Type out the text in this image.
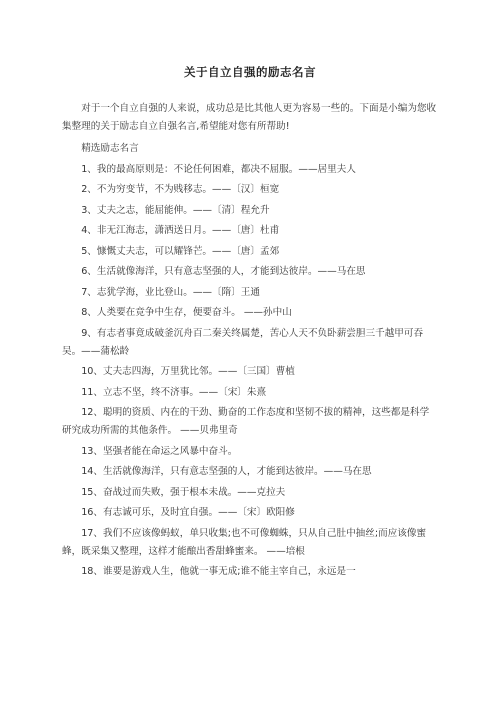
关于自立自强的励志名言

对于一个自立自强的人来说，成功总是比其他人更为容易一些的。下面是小编为您收集整理的关于励志自立自强名言,希望能对您有所帮助!

精选励志名言

1、我的最高原则是：不论任何困难，都决不屈服。——居里夫人

2、不为穷变节，不为贱移志。——〔汉〕桓宽

3、丈夫之志，能屈能伸。——〔清〕程允升

4、非无江海志，潇洒送日月。——〔唐〕杜甫

5、慷慨丈夫志，可以耀锋芒。——〔唐〕孟郊

6、生活就像海洋，只有意志坚强的人，才能到达彼岸。——马在思

7、志犹学海，业比登山。——〔隋〕王通

8、人类要在竞争中生存，便要奋斗。 ——孙中山

9、有志者事竟成破釜沉舟百二秦关终属楚，苦心人天不负卧薪尝胆三千越甲可吞吴。——蒲松龄

10、丈夫志四海，万里犹比邻。——〔三国〕曹植

11、立志不坚，终不济事。——〔宋〕朱熹

12、聪明的资质、内在的干劲、勤奋的工作态度和坚韧不拔的精神，这些都是科学研究成功所需的其他条件。 ——贝弗里奇

13、坚强者能在命运之风暴中奋斗。

14、生活就像海洋，只有意志坚强的人，才能到达彼岸。——马在思

15、奋战过而失败，强于根本未战。——克拉夫

16、有志诚可乐，及时宜自强。——〔宋〕欧阳修

17、我们不应该像蚂蚁，单只收集;也不可像蜘蛛，只从自己肚中抽丝;而应该像蜜蜂，既采集又整理，这样才能酿出香甜蜂蜜来。 ——培根

18、谁要是游戏人生，他就一事无成;谁不能主宰自己，永远是一
